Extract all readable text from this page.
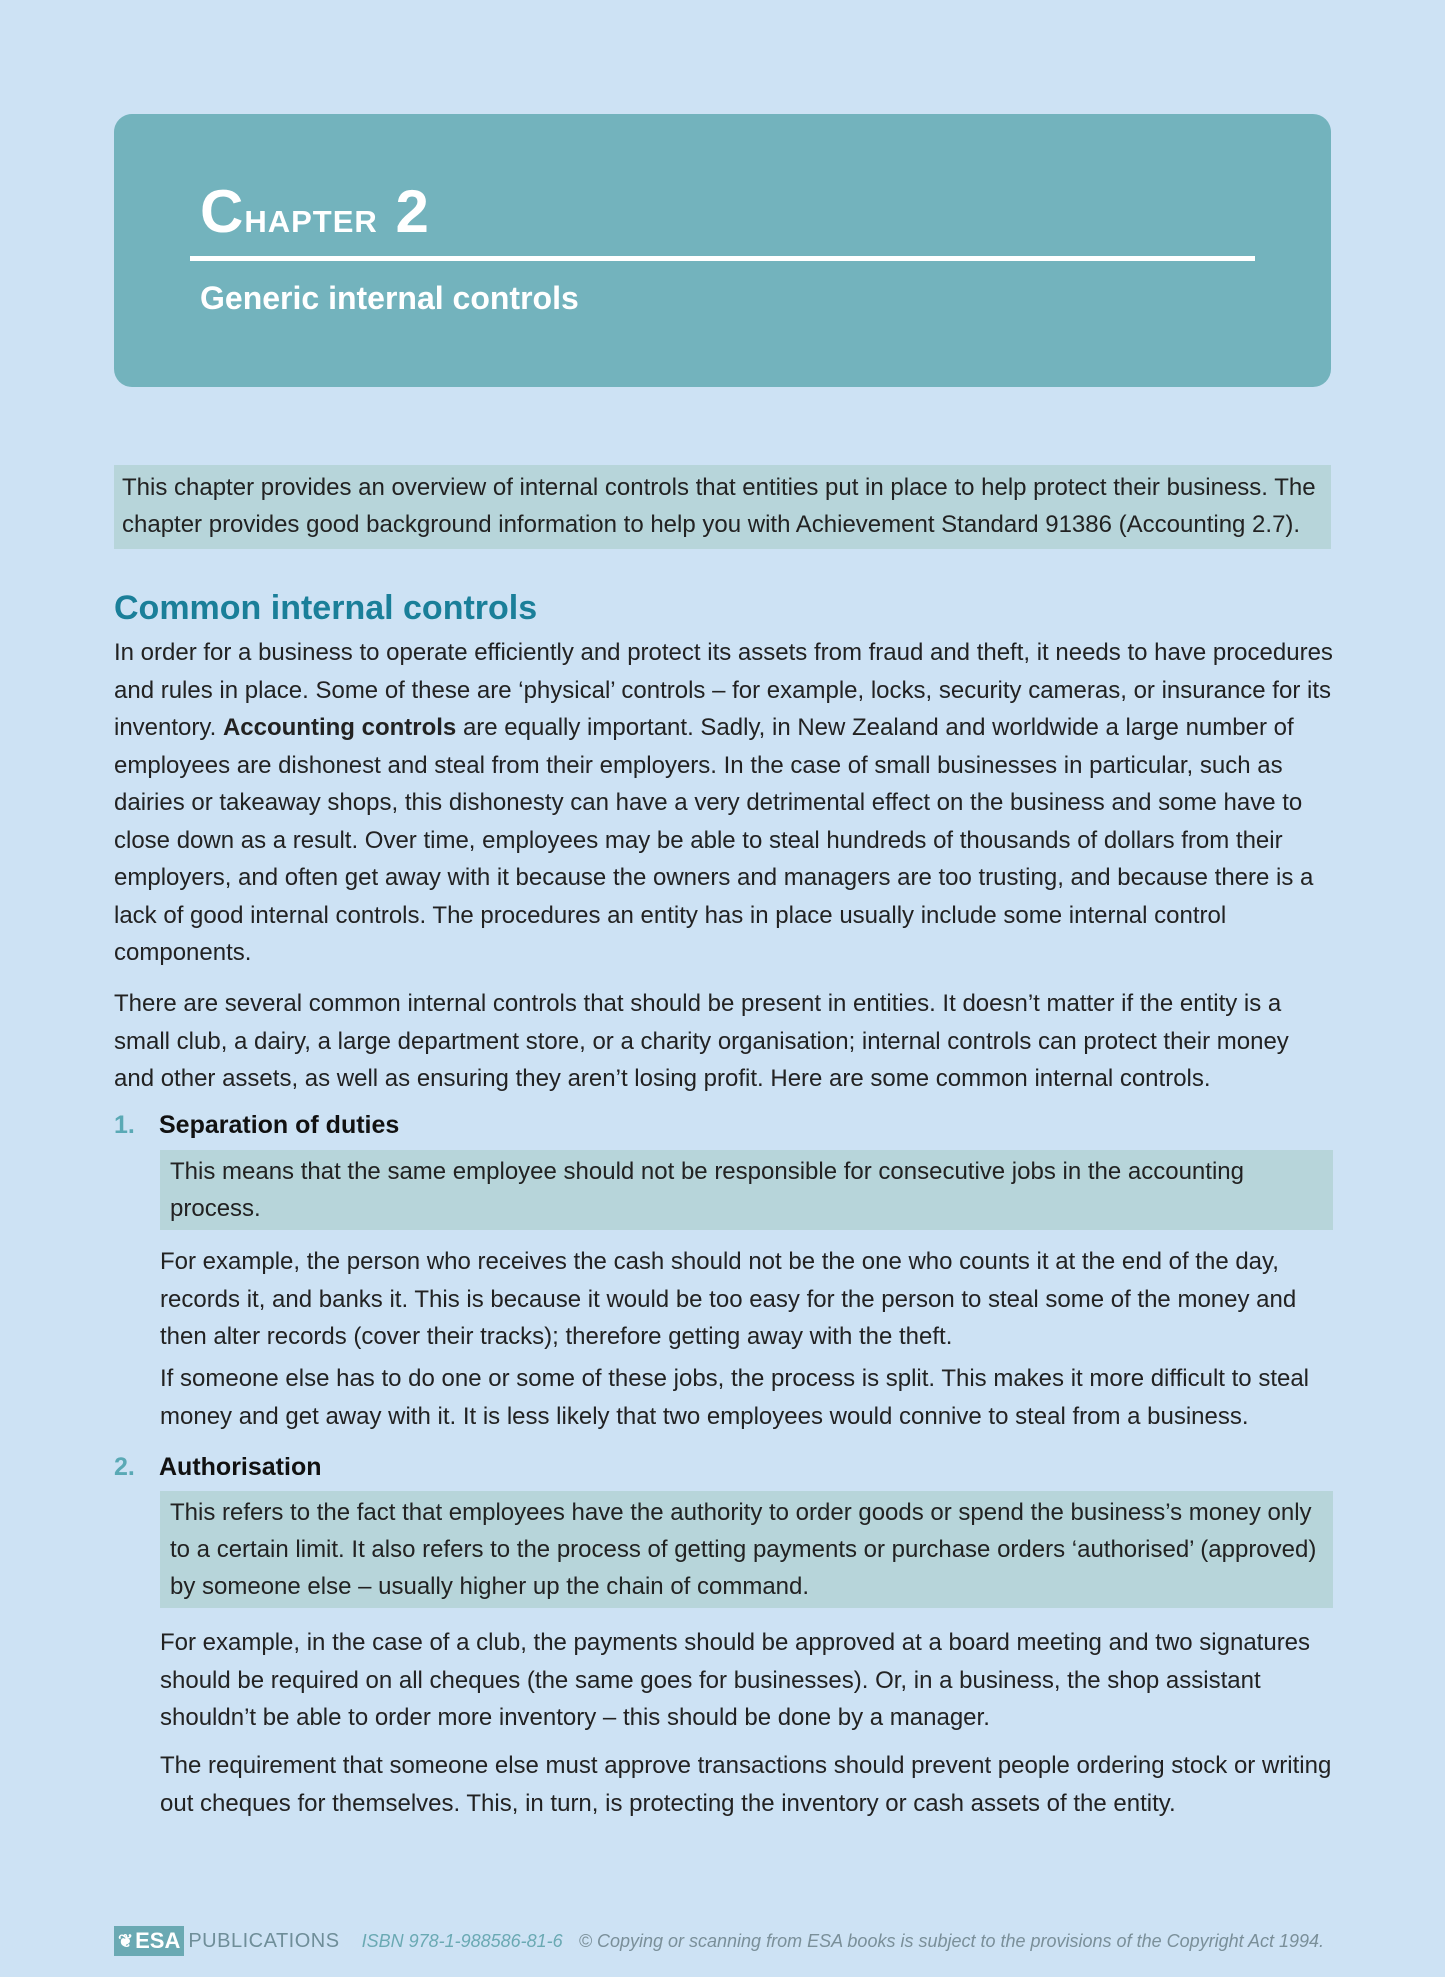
Chapter 2
Generic internal controls
This chapter provides an overview of internal controls that entities put in place to help protect their business. The chapter provides good background information to help you with Achievement Standard 91386 (Accounting 2.7).
Common internal controls
In order for a business to operate efficiently and protect its assets from fraud and theft, it needs to have procedures and rules in place. Some of these are ‘physical’ controls – for example, locks, security cameras, or insurance for its inventory. Accounting controls are equally important. Sadly, in New Zealand and worldwide a large number of employees are dishonest and steal from their employers. In the case of small businesses in particular, such as dairies or takeaway shops, this dishonesty can have a very detrimental effect on the business and some have to close down as a result. Over time, employees may be able to steal hundreds of thousands of dollars from their employers, and often get away with it because the owners and managers are too trusting, and because there is a lack of good internal controls. The procedures an entity has in place usually include some internal control components.
There are several common internal controls that should be present in entities. It doesn’t matter if the entity is a small club, a dairy, a large department store, or a charity organisation; internal controls can protect their money and other assets, as well as ensuring they aren’t losing profit. Here are some common internal controls.
1. Separation of duties
This means that the same employee should not be responsible for consecutive jobs in the accounting process.
For example, the person who receives the cash should not be the one who counts it at the end of the day, records it, and banks it. This is because it would be too easy for the person to steal some of the money and then alter records (cover their tracks); therefore getting away with the theft.
If someone else has to do one or some of these jobs, the process is split. This makes it more difficult to steal money and get away with it. It is less likely that two employees would connive to steal from a business.
2. Authorisation
This refers to the fact that employees have the authority to order goods or spend the business’s money only to a certain limit. It also refers to the process of getting payments or purchase orders ‘authorised’ (approved) by someone else – usually higher up the chain of command.
For example, in the case of a club, the payments should be approved at a board meeting and two signatures should be required on all cheques (the same goes for businesses). Or, in a business, the shop assistant shouldn’t be able to order more inventory – this should be done by a manager.
The requirement that someone else must approve transactions should prevent people ordering stock or writing out cheques for themselves. This, in turn, is protecting the inventory or cash assets of the entity.
❦ ESA PUBLICATIONS ISBN 978-1-988586-81-6 © Copying or scanning from ESA books is subject to the provisions of the Copyright Act 1994.
